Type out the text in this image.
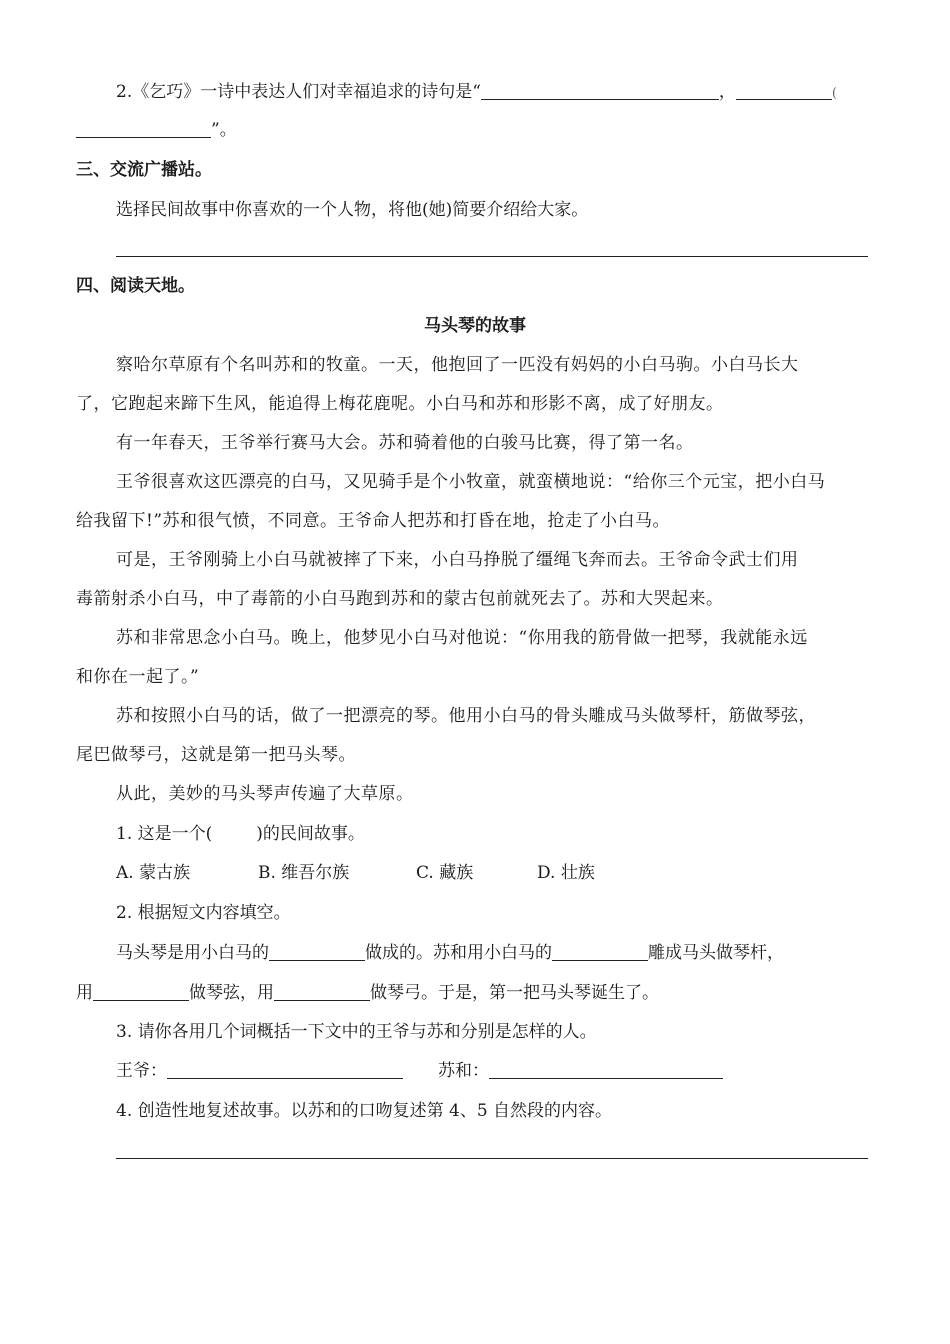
2.《乞巧》一诗中表达人们对幸福追求的诗句是“	，	(
”。
三、交流广播站。
选择民间故事中你喜欢的一个人物，将他(她)简要介绍给大家。
四、阅读天地。
马头琴的故事
察哈尔草原有个名叫苏和的牧童。一天，他抱回了一匹没有妈妈的小白马驹。小白马长大
了，它跑起来蹄下生风，能追得上梅花鹿呢。小白马和苏和形影不离，成了好朋友。
有一年春天，王爷举行赛马大会。苏和骑着他的白骏马比赛，得了第一名。
王爷很喜欢这匹漂亮的白马，又见骑手是个小牧童，就蛮横地说：“给你三个元宝，把小白马
给我留下!”苏和很气愤，不同意。王爷命人把苏和打昏在地，抢走了小白马。
可是，王爷刚骑上小白马就被摔了下来，小白马挣脱了缰绳飞奔而去。王爷命令武士们用
毒箭射杀小白马，中了毒箭的小白马跑到苏和的蒙古包前就死去了。苏和大哭起来。
苏和非常思念小白马。晚上，他梦见小白马对他说：“你用我的筋骨做一把琴，我就能永远
和你在一起了。”
苏和按照小白马的话，做了一把漂亮的琴。他用小白马的骨头雕成马头做琴杆，筋做琴弦，
尾巴做琴弓，这就是第一把马头琴。
从此，美妙的马头琴声传遍了大草原。
1. 这是一个(	)的民间故事。
A. 蒙古族	B. 维吾尔族	C. 藏族	D. 壮族
2. 根据短文内容填空。
马头琴是用小白马的	做成的。苏和用小白马的	雕成马头做琴杆，
用	做琴弦，用	做琴弓。于是，第一把马头琴诞生了。
3. 请你各用几个词概括一下文中的王爷与苏和分别是怎样的人。
王爷：	苏和：
4. 创造性地复述故事。以苏和的口吻复述第 4、5 自然段的内容。
